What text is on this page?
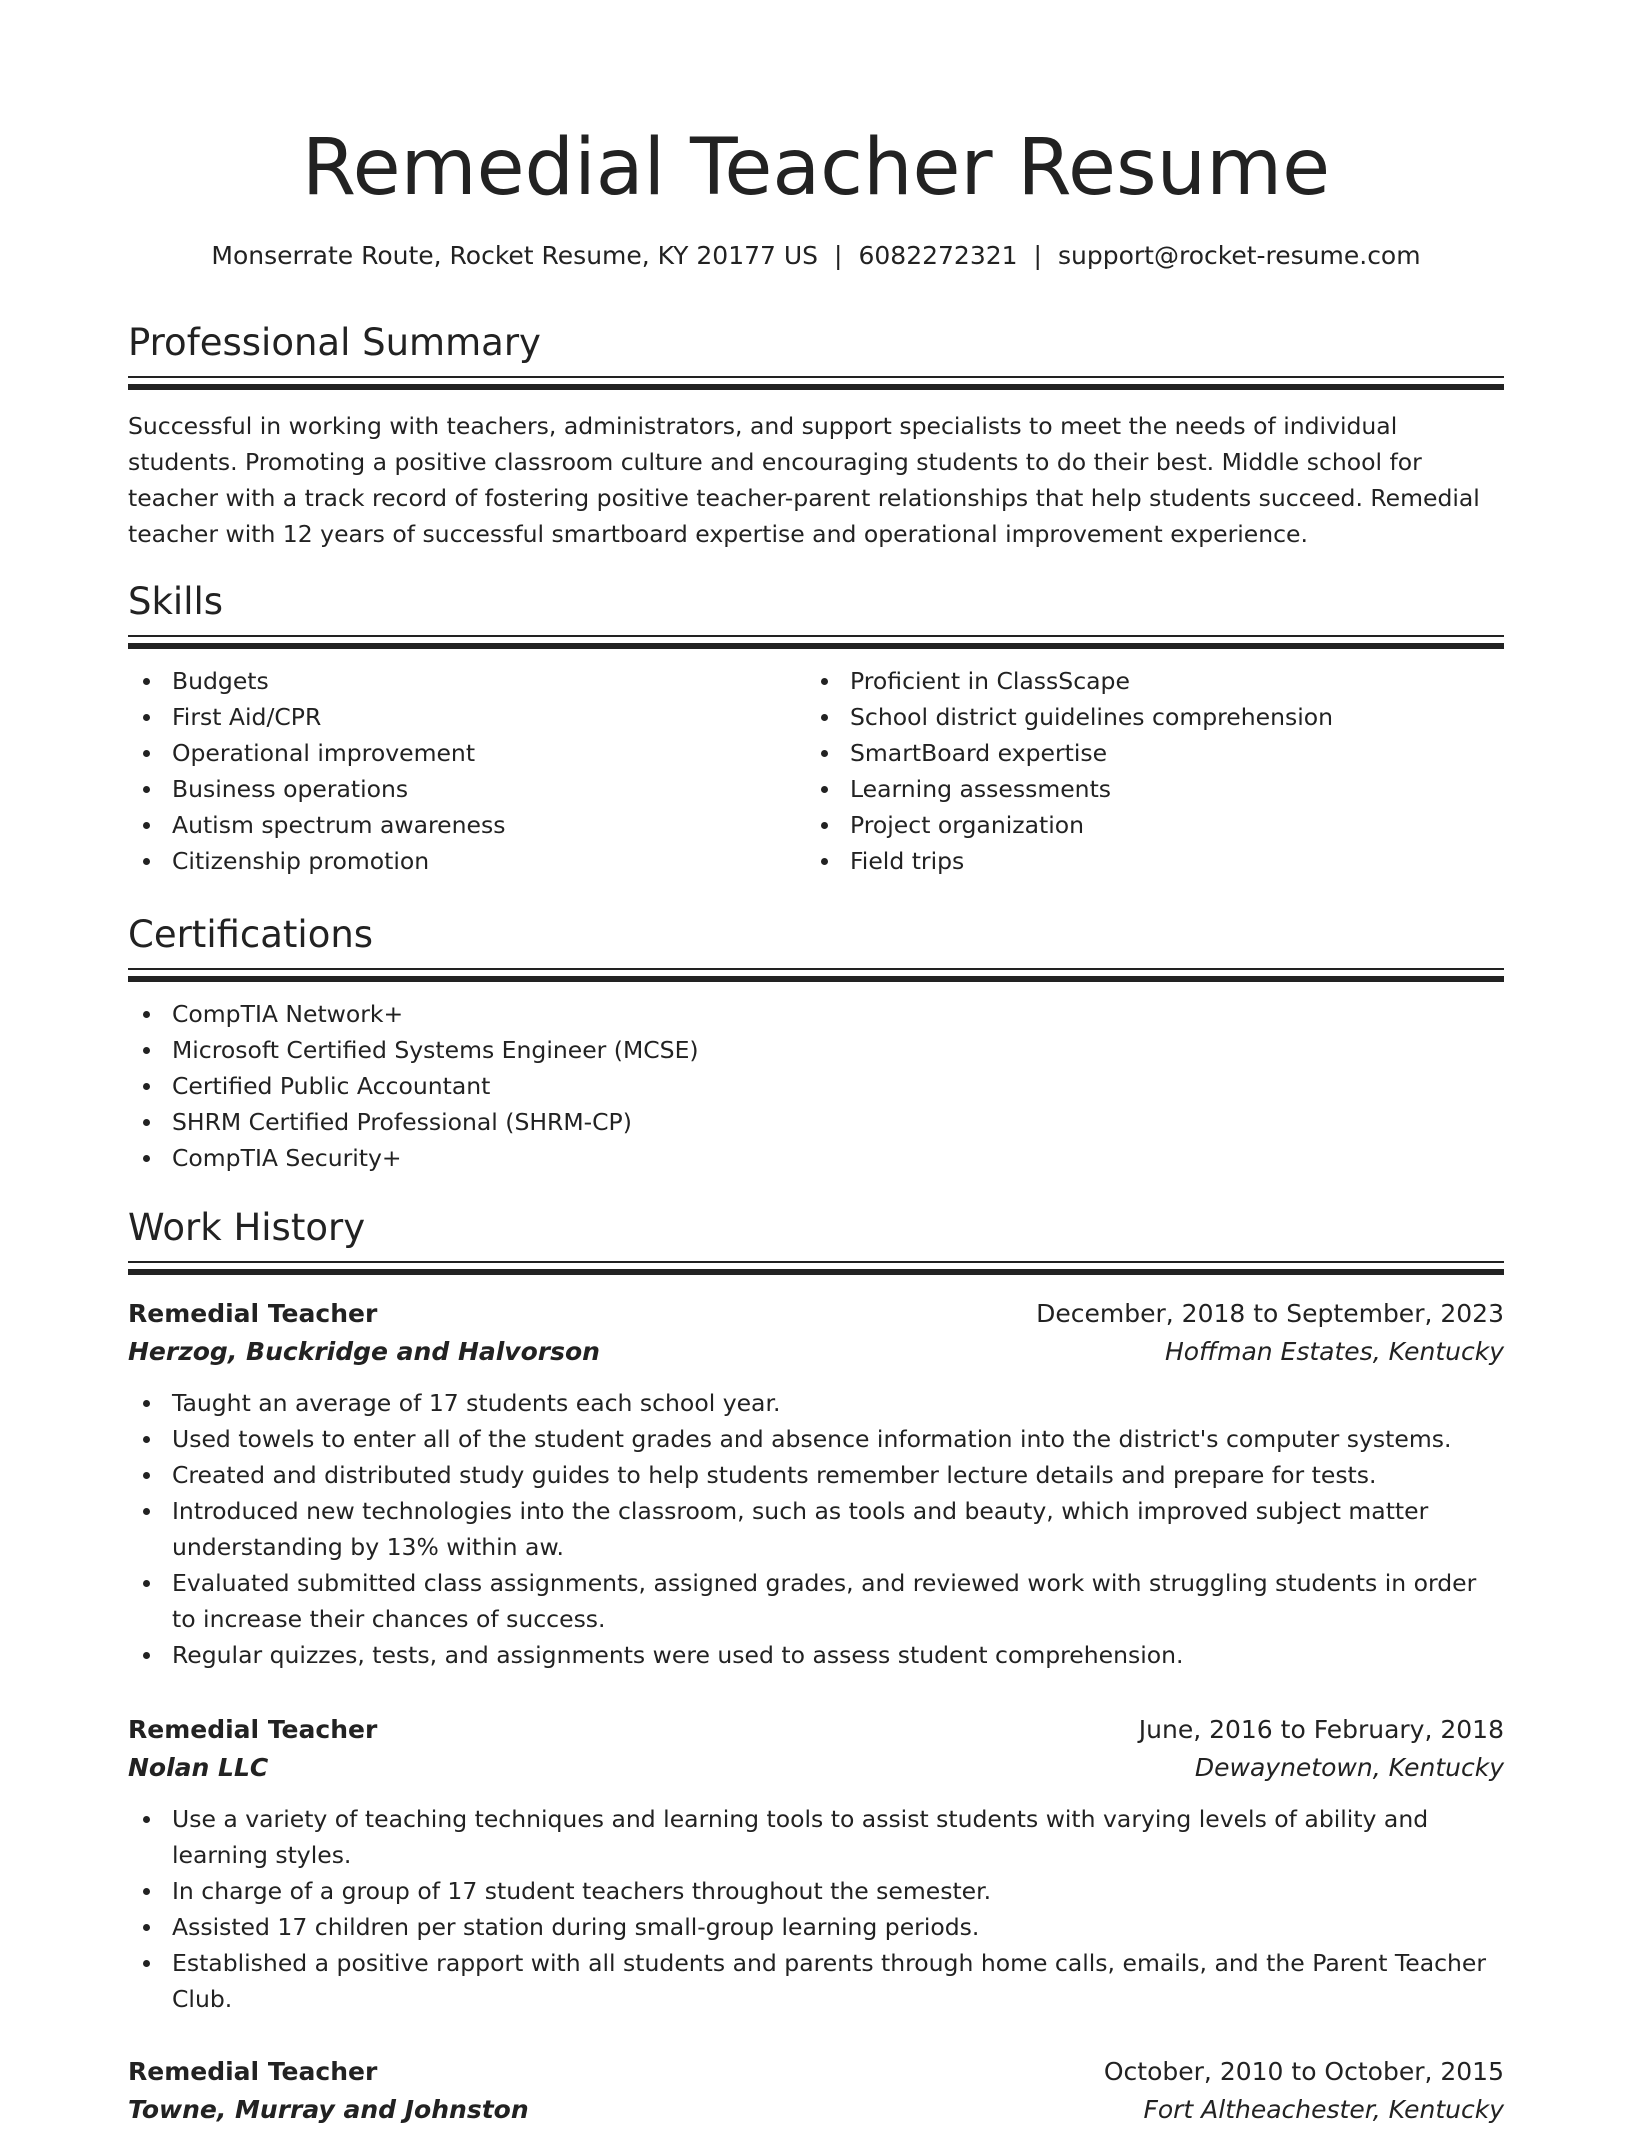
Remedial Teacher Resume
Monserrate Route, Rocket Resume, KY 20177 US | 6082272321 | support@rocket-resume.com
Professional Summary
Successful in working with teachers, administrators, and support specialists to meet the needs of individual students. Promoting a positive classroom culture and encouraging students to do their best. Middle school for teacher with a track record of fostering positive teacher-parent relationships that help students succeed. Remedial teacher with 12 years of successful smartboard expertise and operational improvement experience.
Skills
Budgets
First Aid/CPR
Operational improvement
Business operations
Autism spectrum awareness
Citizenship promotion
Proficient in ClassScape
School district guidelines comprehension
SmartBoard expertise
Learning assessments
Project organization
Field trips
Certifications
CompTIA Network+
Microsoft Certified Systems Engineer (MCSE)
Certified Public Accountant
SHRM Certified Professional (SHRM-CP)
CompTIA Security+
Work History
Remedial Teacher	December, 2018 to September, 2023
Herzog, Buckridge and Halvorson	Hoffman Estates, Kentucky
Taught an average of 17 students each school year.
Used towels to enter all of the student grades and absence information into the district's computer systems.
Created and distributed study guides to help students remember lecture details and prepare for tests.
Introduced new technologies into the classroom, such as tools and beauty, which improved subject matter understanding by 13% within aw.
Evaluated submitted class assignments, assigned grades, and reviewed work with struggling students in order to increase their chances of success.
Regular quizzes, tests, and assignments were used to assess student comprehension.
Remedial Teacher	June, 2016 to February, 2018
Nolan LLC	Dewaynetown, Kentucky
Use a variety of teaching techniques and learning tools to assist students with varying levels of ability and learning styles.
In charge of a group of 17 student teachers throughout the semester.
Assisted 17 children per station during small-group learning periods.
Established a positive rapport with all students and parents through home calls, emails, and the Parent Teacher Club.
Remedial Teacher	October, 2010 to October, 2015
Towne, Murray and Johnston	Fort Altheachester, Kentucky
